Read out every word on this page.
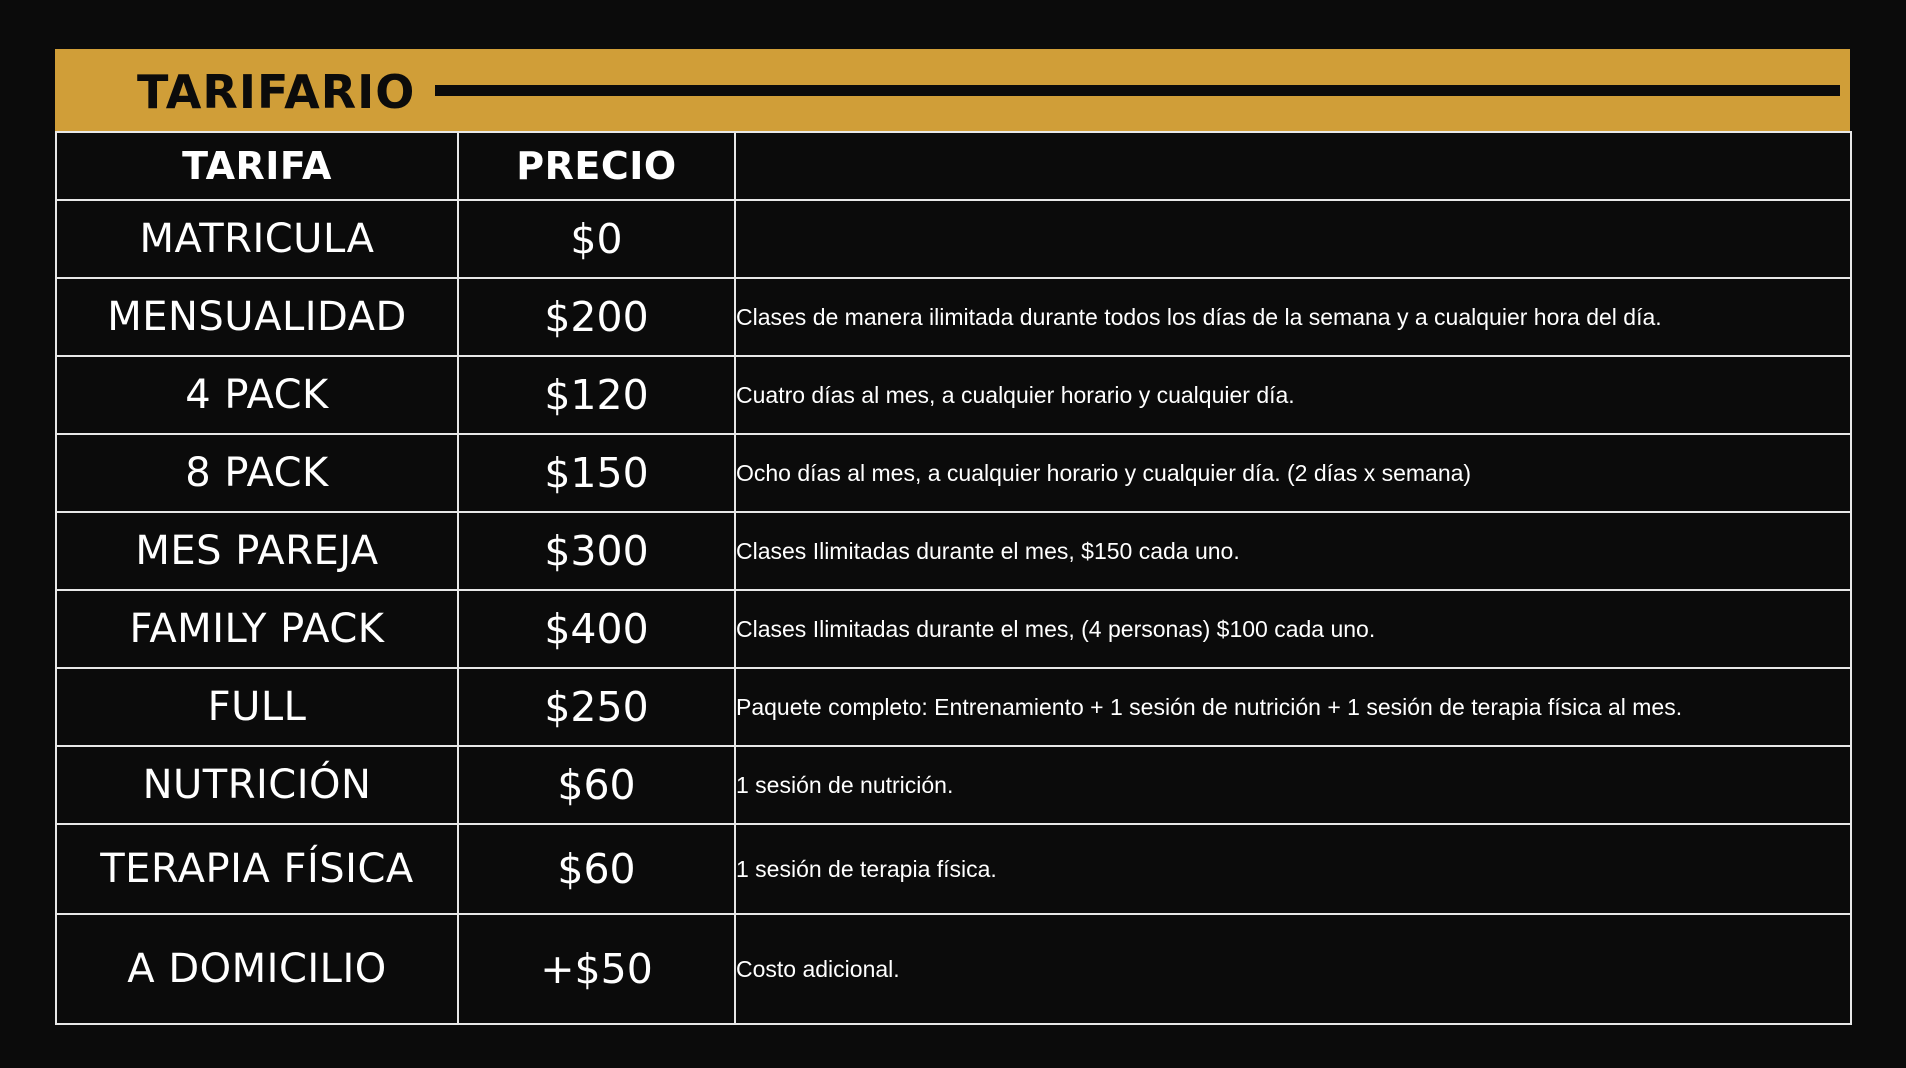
TARIFARIO
TARIFA	PRECIO	
MATRICULA	$0	
MENSUALIDAD	$200	Clases de manera ilimitada durante todos los días de la semana y a cualquier hora del día.
4 PACK	$120	Cuatro días al mes, a cualquier horario y cualquier día.
8 PACK	$150	Ocho días al mes, a cualquier horario y cualquier día. (2 días x semana)
MES PAREJA	$300	Clases Ilimitadas durante el mes, $150 cada uno.
FAMILY PACK	$400	Clases Ilimitadas durante el mes, (4 personas) $100 cada uno.
FULL	$250	Paquete completo: Entrenamiento + 1 sesión de nutrición + 1 sesión de terapia física al mes.
NUTRICIÓN	$60	1 sesión de nutrición.
TERAPIA FÍSICA	$60	1 sesión de terapia física.
A DOMICILIO	+$50	Costo adicional.
